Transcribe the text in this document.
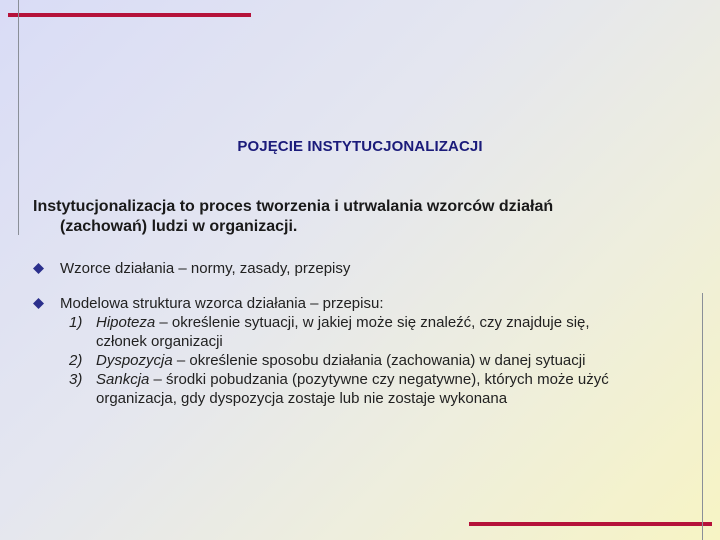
POJĘCIE INSTYTUCJONALIZACJI
Instytucjonalizacja to proces tworzenia i utrwalania wzorców działań
(zachowań) ludzi w organizacji.
Wzorce działania – normy, zasady, przepisy
Modelowa struktura wzorca działania – przepisu:
1) Hipoteza – określenie sytuacji, w jakiej może się znaleźć, czy znajduje się,
członek organizacji
2) Dyspozycja – określenie sposobu działania (zachowania) w danej sytuacji
3) Sankcja – środki pobudzania (pozytywne czy negatywne), których może użyć
organizacja, gdy dyspozycja zostaje lub nie zostaje wykonana
